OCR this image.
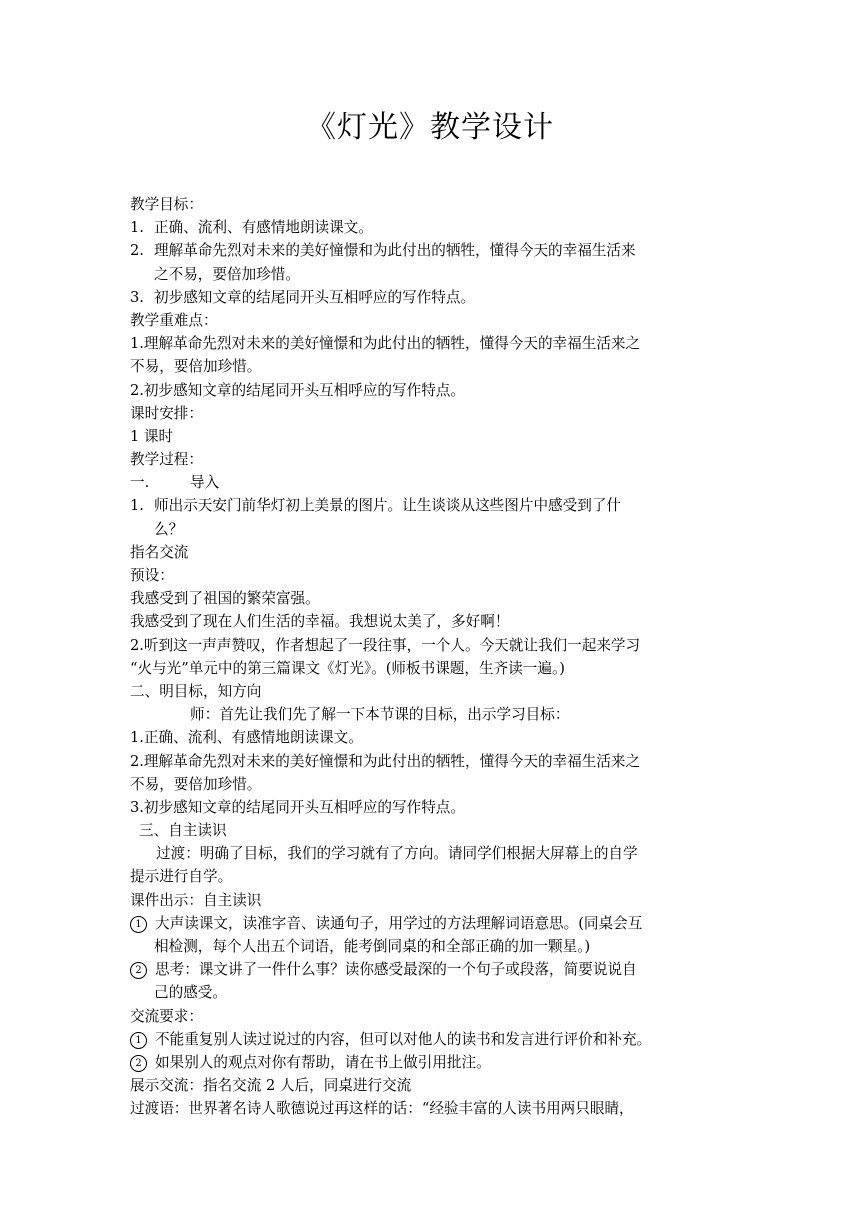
《灯光》教学设计
教学目标：
1. 正确、流利、有感情地朗读课文。
2. 理解革命先烈对未来的美好憧憬和为此付出的牺牲，懂得今天的幸福生活来
之不易，要倍加珍惜。
3. 初步感知文章的结尾同开头互相呼应的写作特点。
教学重难点：
1.理解革命先烈对未来的美好憧憬和为此付出的牺牲，懂得今天的幸福生活来之
不易，要倍加珍惜。
2.初步感知文章的结尾同开头互相呼应的写作特点。
课时安排：
1 课时
教学过程：
一.	导入
1. 师出示天安门前华灯初上美景的图片。让生谈谈从这些图片中感受到了什
么？
指名交流
预设：
我感受到了祖国的繁荣富强。
我感受到了现在人们生活的幸福。我想说太美了，多好啊！
2.听到这一声声赞叹，作者想起了一段往事，一个人。今天就让我们一起来学习
“火与光”单元中的第三篇课文《灯光》。(师板书课题，生齐读一遍。)
二、明目标，知方向
师：首先让我们先了解一下本节课的目标，出示学习目标：
1.正确、流利、有感情地朗读课文。
2.理解革命先烈对未来的美好憧憬和为此付出的牺牲，懂得今天的幸福生活来之
不易，要倍加珍惜。
3.初步感知文章的结尾同开头互相呼应的写作特点。
三、自主读识
过渡：明确了目标，我们的学习就有了方向。请同学们根据大屏幕上的自学
提示进行自学。
课件出示：自主读识
1 大声读课文，读准字音、读通句子，用学过的方法理解词语意思。(同桌会互
相检测，每个人出五个词语，能考倒同桌的和全部正确的加一颗星。)
2 思考：课文讲了一件什么事？读你感受最深的一个句子或段落，简要说说自
己的感受。
交流要求：
1 不能重复别人读过说过的内容，但可以对他人的读书和发言进行评价和补充。
2 如果别人的观点对你有帮助，请在书上做引用批注。
展示交流：指名交流 2 人后，同桌进行交流
过渡语：世界著名诗人歌德说过再这样的话：“经验丰富的人读书用两只眼睛，
